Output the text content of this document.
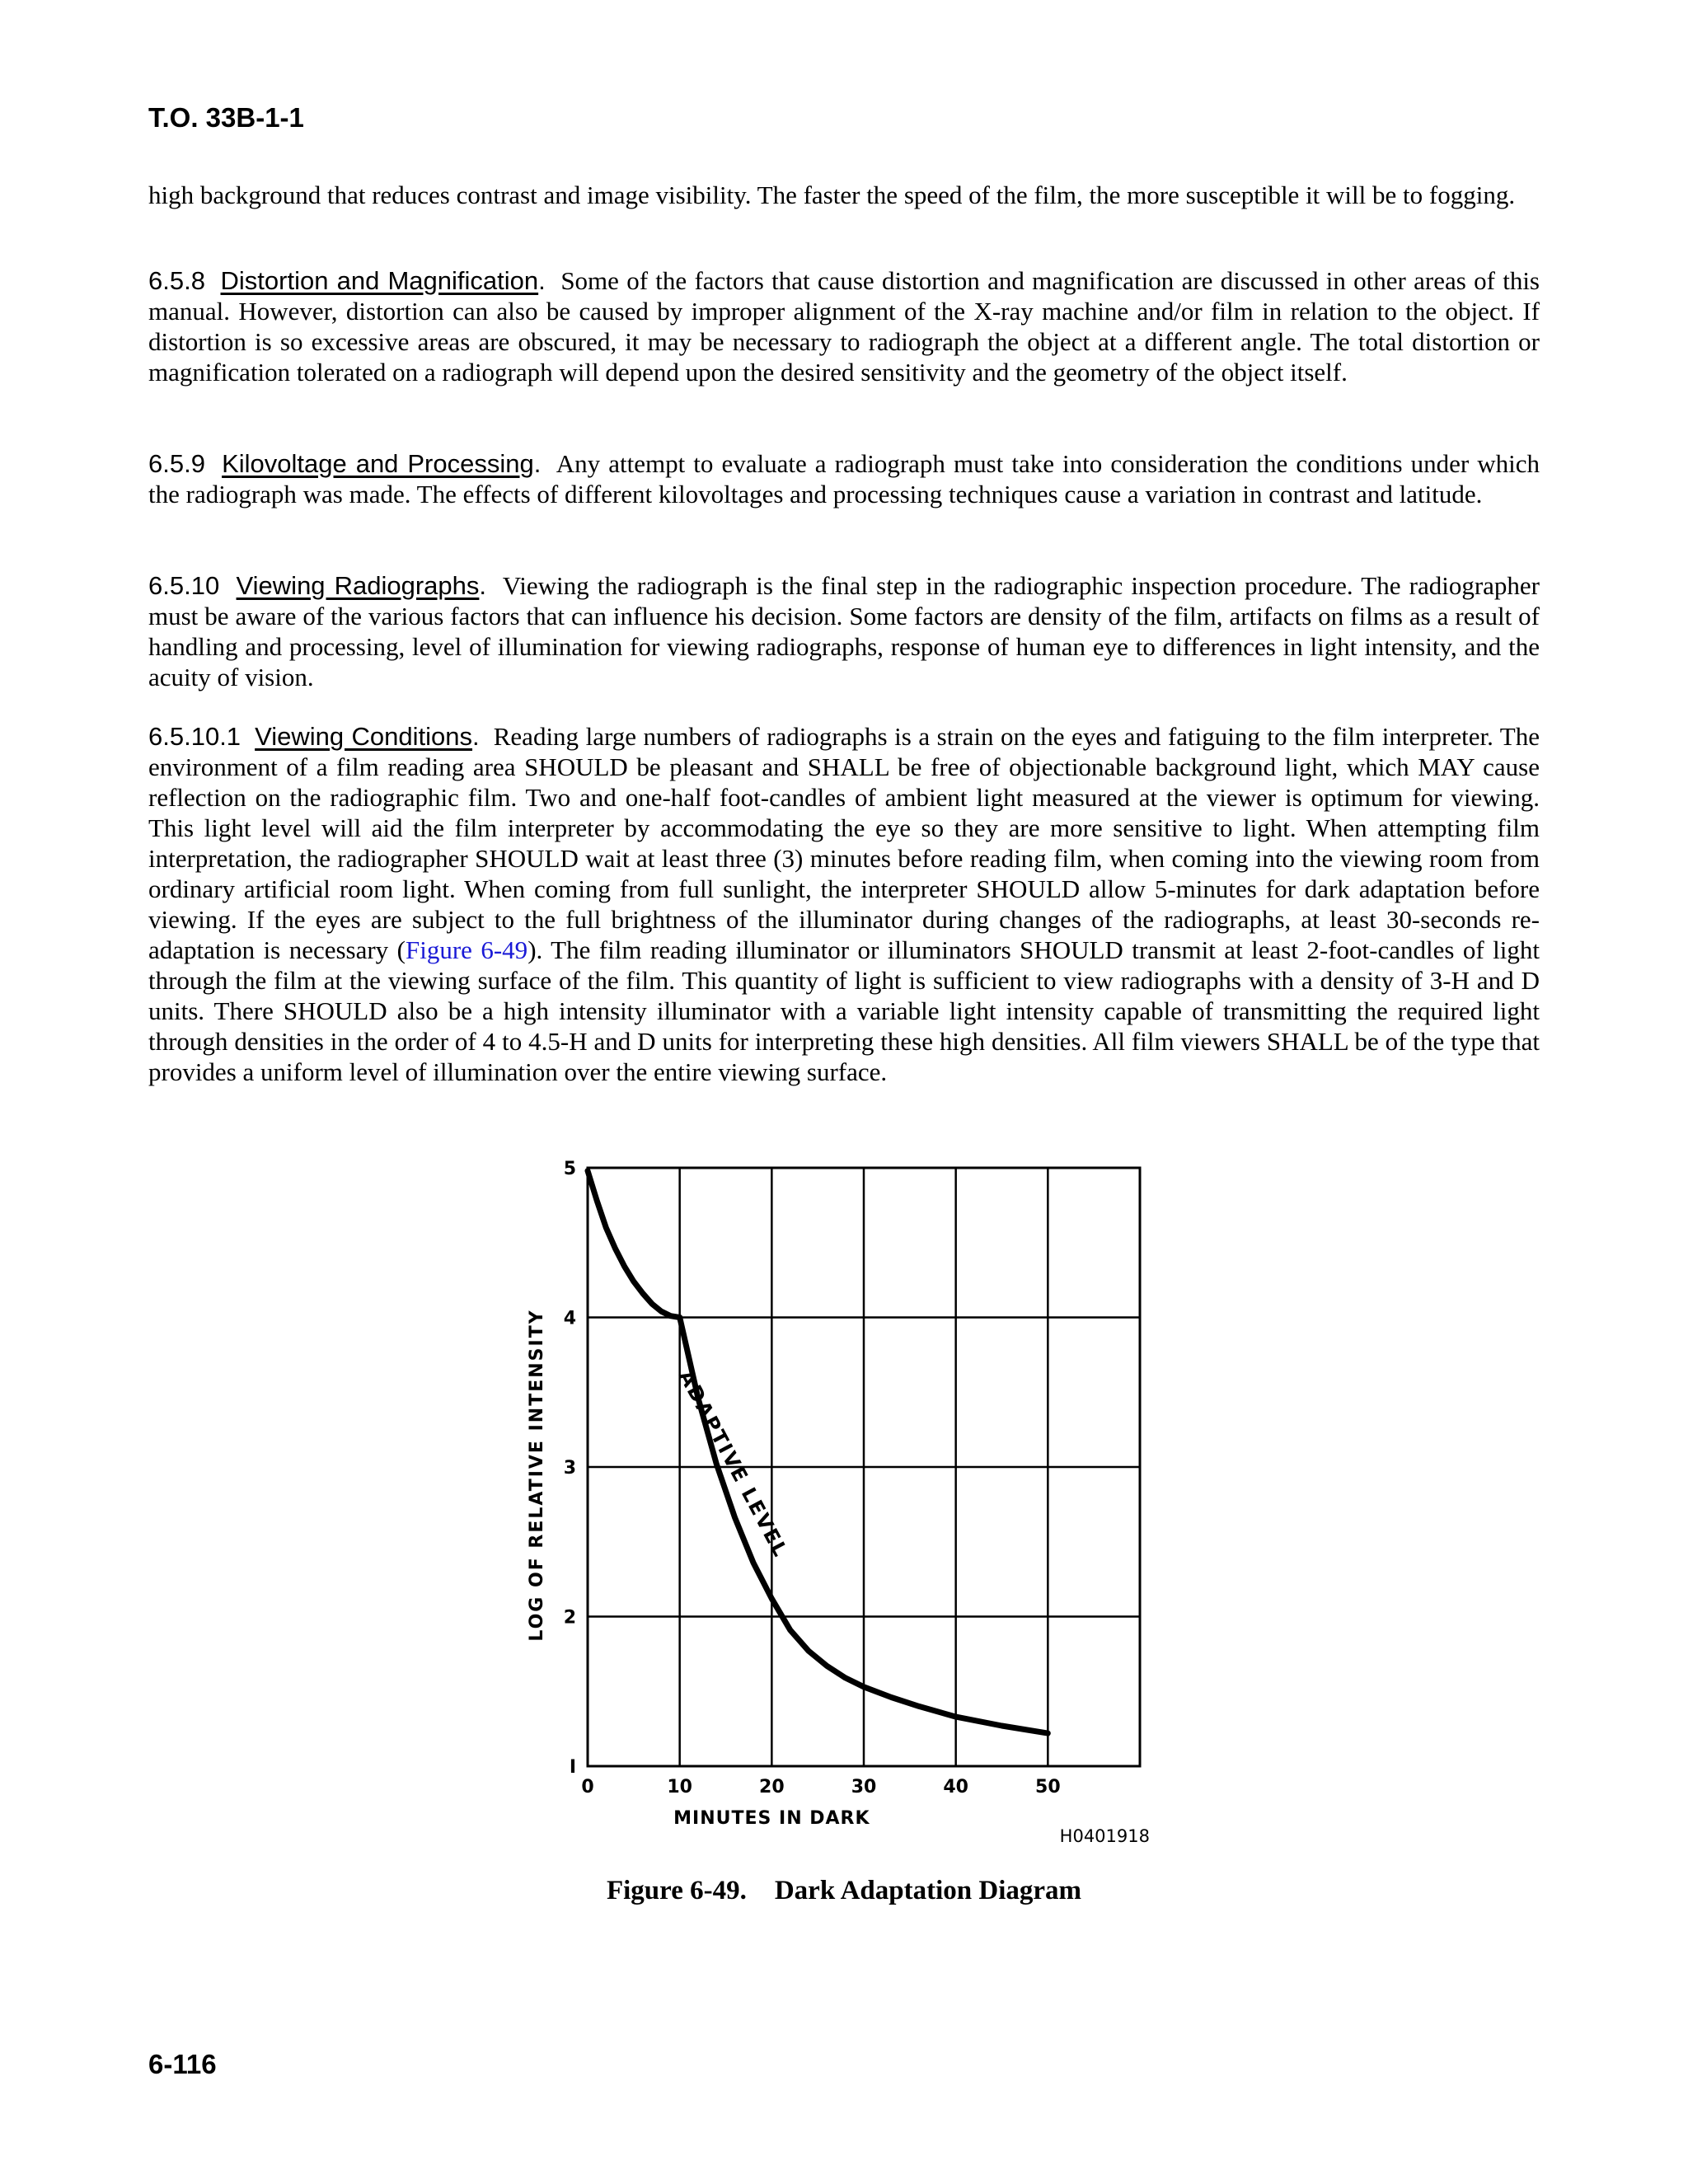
T.O. 33B-1-1

high background that reduces contrast and image visibility. The faster the speed of the film, the more susceptible it will be to fogging.

6.5.8 Distortion and Magnification. Some of the factors that cause distortion and magnification are discussed in other areas of this manual. However, distortion can also be caused by improper alignment of the X-ray machine and/or film in relation to the object. If distortion is so excessive areas are obscured, it may be necessary to radiograph the object at a different angle. The total distortion or magnification tolerated on a radiograph will depend upon the desired sensitivity and the geometry of the object itself.

6.5.9 Kilovoltage and Processing. Any attempt to evaluate a radiograph must take into consideration the conditions under which the radiograph was made. The effects of different kilovoltages and processing techniques cause a variation in contrast and latitude.

6.5.10 Viewing Radiographs. Viewing the radiograph is the final step in the radiographic inspection procedure. The radiographer must be aware of the various factors that can influence his decision. Some factors are density of the film, artifacts on films as a result of handling and processing, level of illumination for viewing radiographs, response of human eye to differences in light intensity, and the acuity of vision.

6.5.10.1 Viewing Conditions. Reading large numbers of radiographs is a strain on the eyes and fatiguing to the film interpreter. The environment of a film reading area SHOULD be pleasant and SHALL be free of objectionable background light, which MAY cause reflection on the radiographic film. Two and one-half foot-candles of ambient light measured at the viewer is optimum for viewing. This light level will aid the film interpreter by accommodating the eye so they are more sensitive to light. When attempting film interpretation, the radiographer SHOULD wait at least three (3) minutes before reading film, when coming into the viewing room from ordinary artificial room light. When coming from full sunlight, the interpreter SHOULD allow 5-minutes for dark adaptation before viewing. If the eyes are subject to the full brightness of the illuminator during changes of the radiographs, at least 30-seconds re-adaptation is necessary (Figure 6-49). The film reading illuminator or illuminators SHOULD transmit at least 2-foot-candles of light through the film at the viewing surface of the film. This quantity of light is sufficient to view radiographs with a density of 3-H and D units. There SHOULD also be a high intensity illuminator with a variable light intensity capable of transmitting the required light through densities in the order of 4 to 4.5-H and D units for interpreting these high densities. All film viewers SHALL be of the type that provides a uniform level of illumination over the entire viewing surface.

0	10	20	30	40	50
I
2
3
4
5
MINUTES IN DARK
LOG OF RELATIVE INTENSITY	ADAPTIVE LEVEL
H0401918
Figure 6-49. Dark Adaptation Diagram
6-116
